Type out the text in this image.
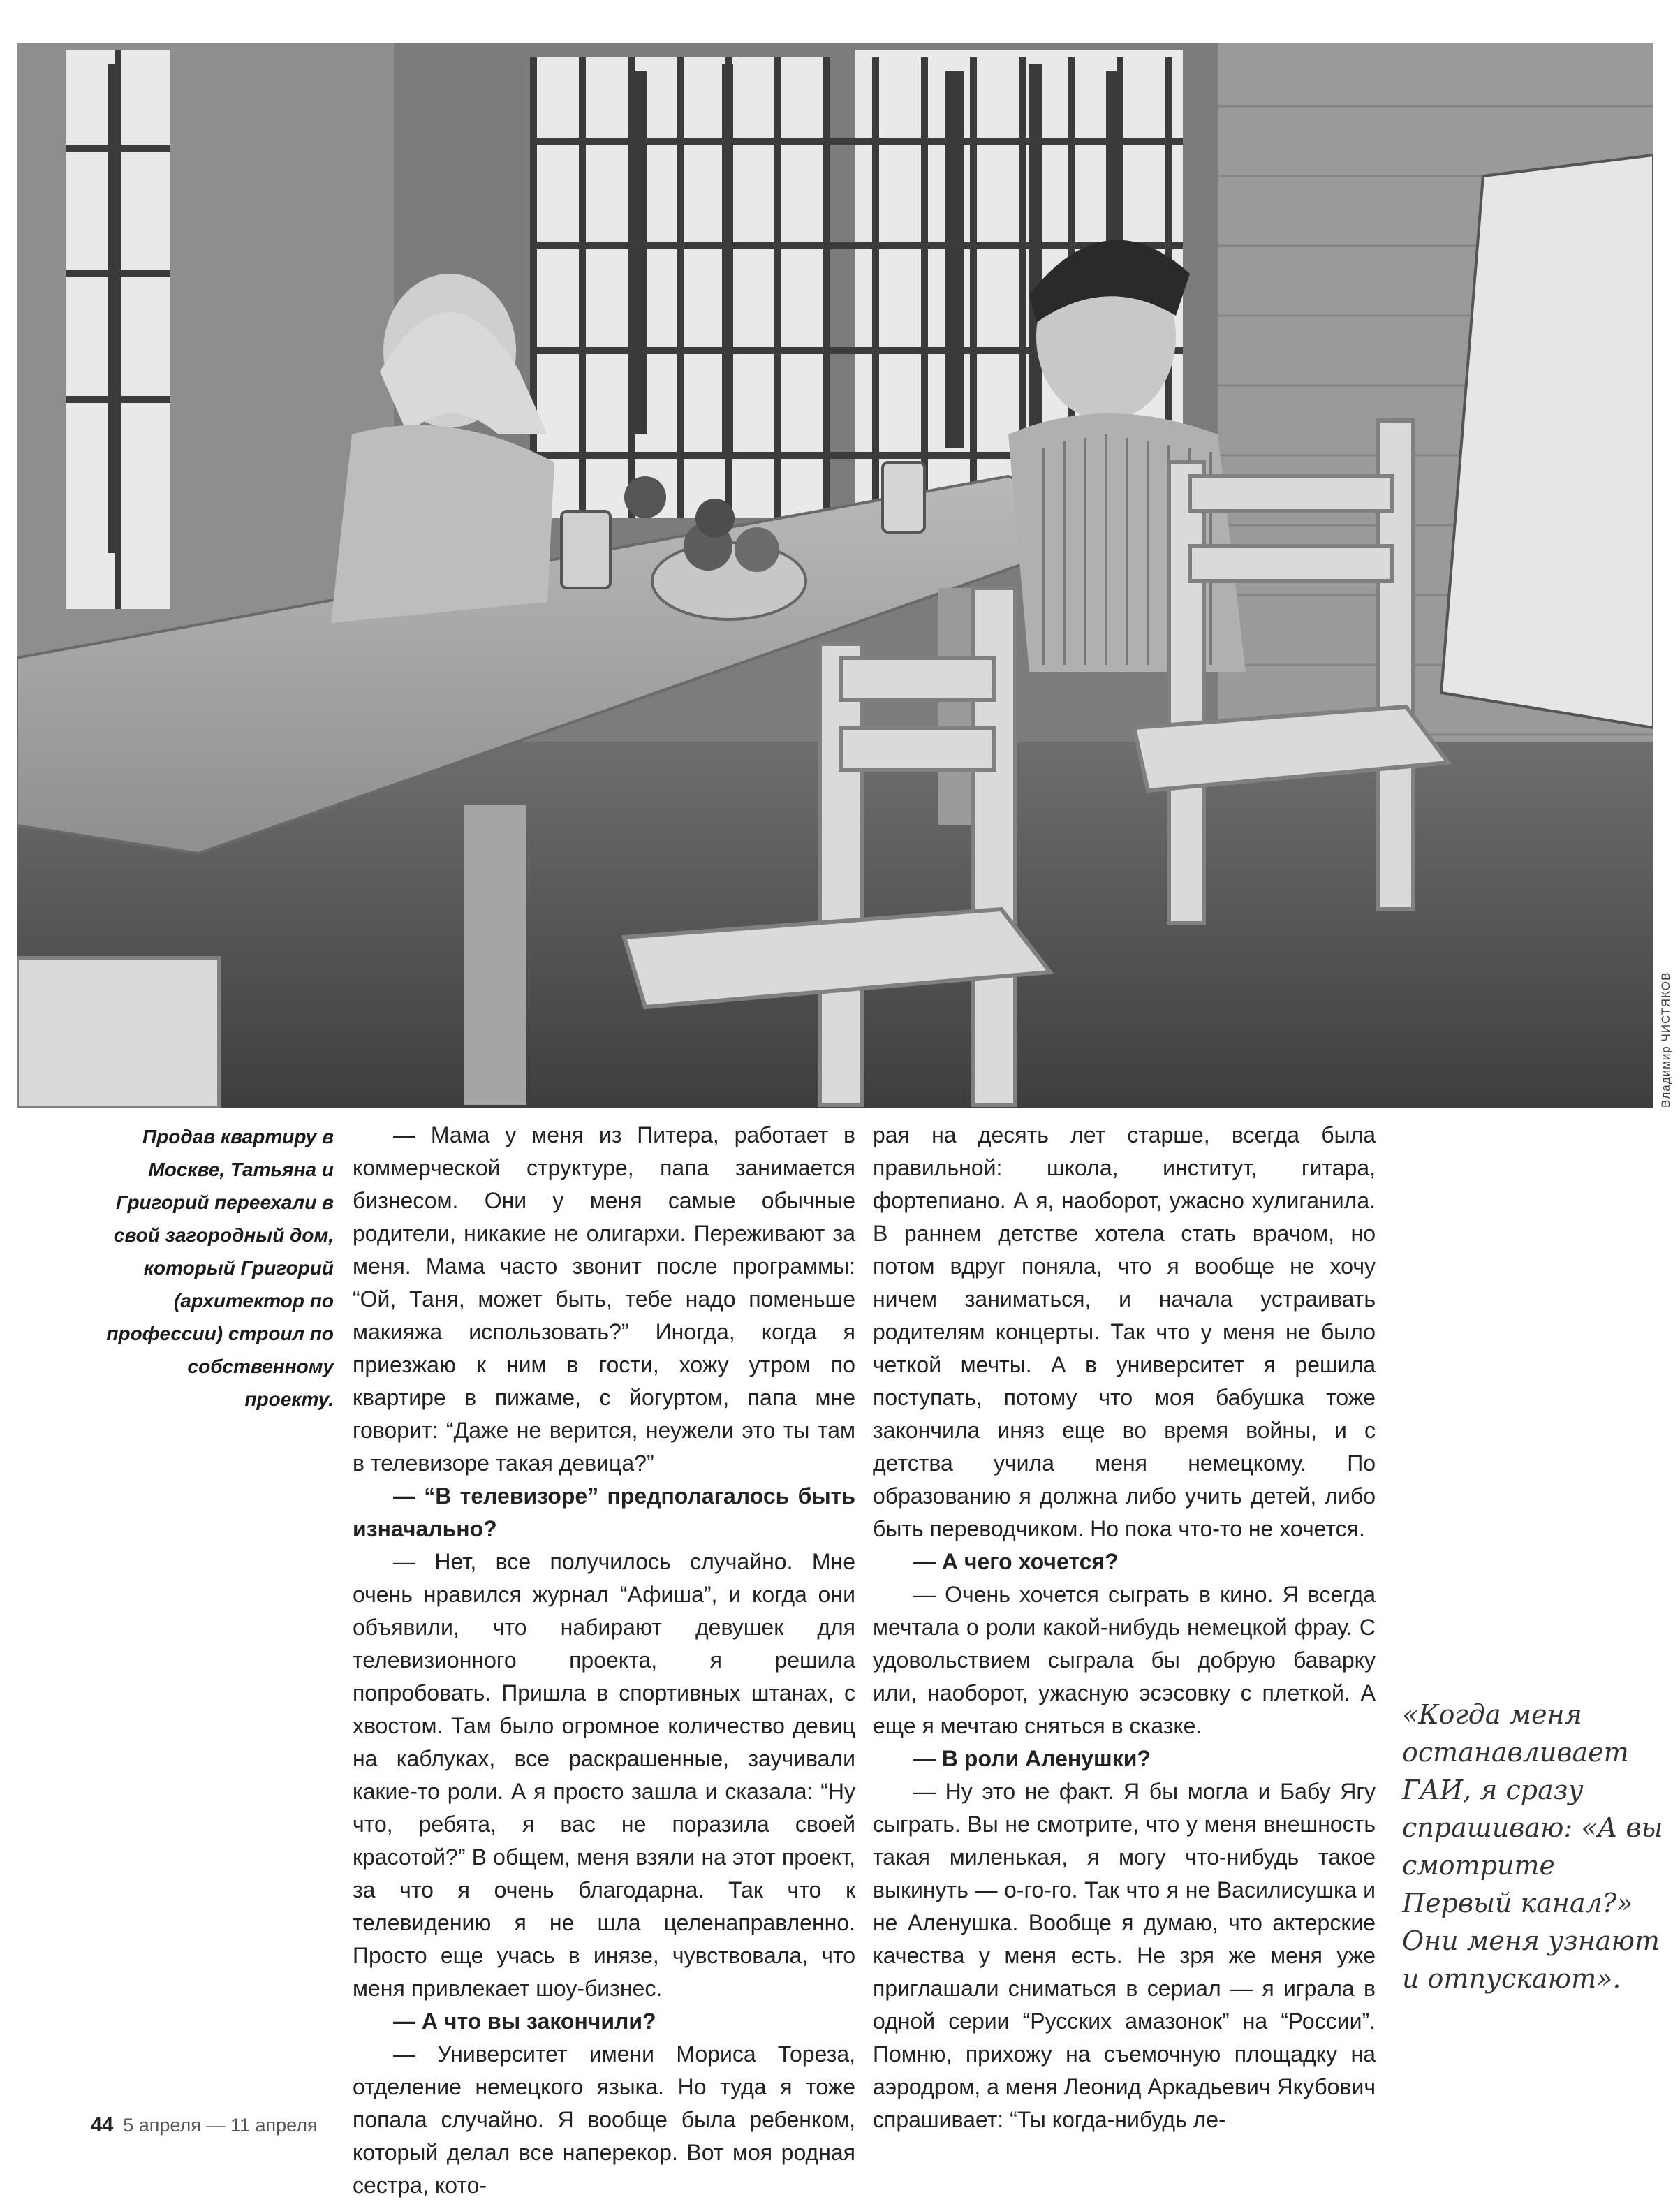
Владимир ЧИСТЯКОВ
Продав квартиру в Москве, Татьяна и Григорий переехали в свой загородный дом, который Григорий (архитектор по профессии) строил по собственному проекту.

— Мама у меня из Питера, работает в коммерческой структуре, папа занимается бизнесом. Они у меня самые обычные родители, никакие не олигархи. Переживают за меня. Мама часто звонит после программы: “Ой, Таня, может быть, тебе надо поменьше макияжа использовать?” Иногда, когда я приезжаю к ним в гости, хожу утром по квартире в пижаме, с йогуртом, папа мне говорит: “Даже не верится, неужели это ты там в телевизоре такая девица?”

— “В телевизоре” предполагалось быть изначально?

— Нет, все получилось случайно. Мне очень нравился журнал “Афиша”, и когда они объявили, что набирают девушек для телевизионного проекта, я решила попробовать. Пришла в спортивных штанах, с хвостом. Там было огромное количество девиц на каблуках, все раскрашенные, заучивали какие-то роли. А я просто зашла и сказала: “Ну что, ребята, я вас не поразила своей красотой?” В общем, меня взяли на этот проект, за что я очень благодарна. Так что к телевидению я не шла целенаправленно. Просто еще учась в инязе, чувствовала, что меня привлекает шоу-бизнес.

— А что вы закончили?

— Университет имени Мориса Тореза, отделение немецкого языка. Но туда я тоже попала случайно. Я вообще была ребенком, который делал все наперекор. Вот моя родная сестра, кото-

рая на десять лет старше, всегда была правильной: школа, институт, гитара, фортепиано. А я, наоборот, ужасно хулиганила. В раннем детстве хотела стать врачом, но потом вдруг поняла, что я вообще не хочу ничем заниматься, и начала устраивать родителям концерты. Так что у меня не было четкой мечты. А в университет я решила поступать, потому что моя бабушка тоже закончила иняз еще во время войны, и с детства учила меня немецкому. По образованию я должна либо учить детей, либо быть переводчиком. Но пока что-то не хочется.

— А чего хочется?

— Очень хочется сыграть в кино. Я всегда мечтала о роли какой-нибудь немецкой фрау. С удовольствием сыграла бы добрую баварку или, наоборот, ужасную эсэсовку с плеткой. А еще я мечтаю сняться в сказке.

— В роли Аленушки?

— Ну это не факт. Я бы могла и Бабу Ягу сыграть. Вы не смотрите, что у меня внешность такая миленькая, я могу что-нибудь такое выкинуть — о-го-го. Так что я не Василисушка и не Аленушка. Вообще я думаю, что актерские качества у меня есть. Не зря же меня уже приглашали сниматься в сериал — я играла в одной серии “Русских амазонок” на “России”. Помню, прихожу на съемочную площадку на аэродром, а меня Леонид Аркадьевич Якубович спрашивает: “Ты когда-нибудь ле-

«Когда меня останавливает ГАИ, я сразу спрашиваю: «А вы смотрите Первый канал?» Они меня узнают и отпускают».
44 5 апреля — 11 апреля
